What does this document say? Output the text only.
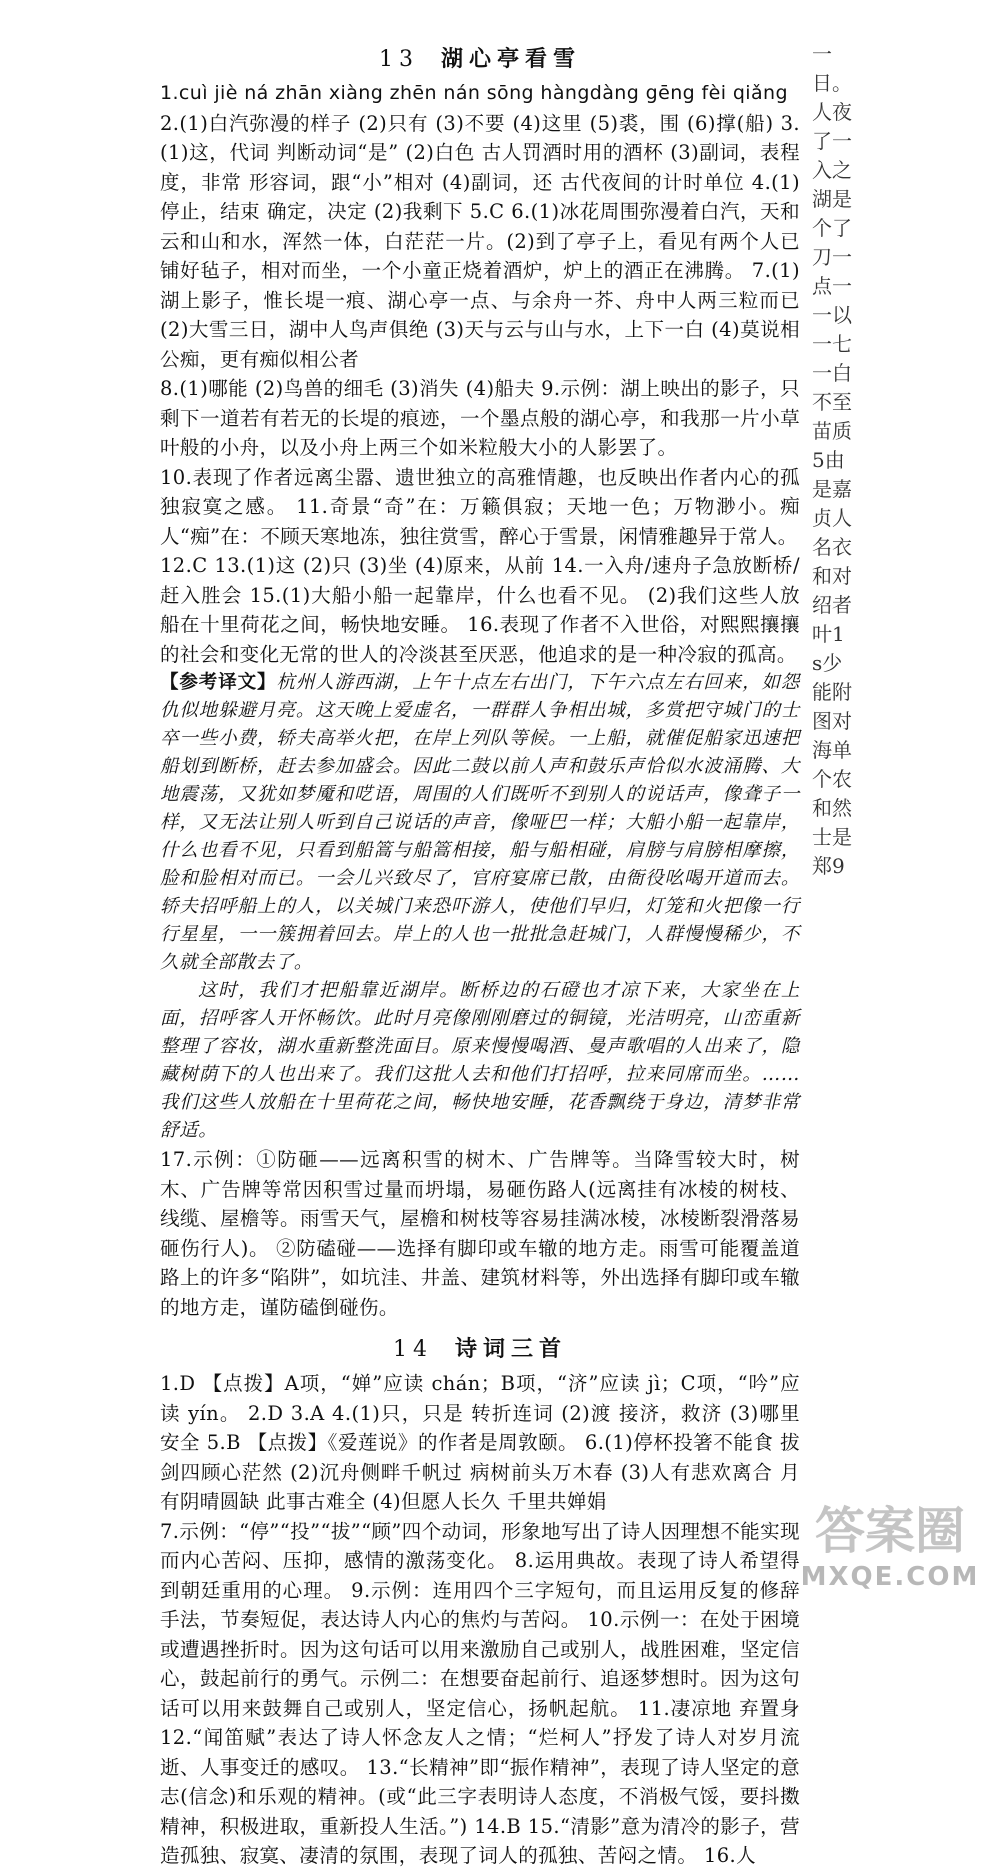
13 湖心亭看雪

1.cuì jiè ná zhān xiàng zhēn nán sōng hàngdàng gēng fèi qiǎng

2.(1)白汽弥漫的样子 (2)只有 (3)不要 (4)这里 (5)裘，围 (6)撑(船) 3.(1)这，代词 判断动词“是” (2)白色 古人罚酒时用的酒杯 (3)副词，表程度，非常 形容词，跟“小”相对 (4)副词，还 古代夜间的计时单位 4.(1)停止，结束 确定，决定 (2)我剩下 5.C 6.(1)冰花周围弥漫着白汽，天和云和山和水，浑然一体，白茫茫一片。(2)到了亭子上，看见有两个人已铺好毡子，相对而坐，一个小童正烧着酒炉，炉上的酒正在沸腾。 7.(1)湖上影子，惟长堤一痕、湖心亭一点、与余舟一芥、舟中人两三粒而已 (2)大雪三日，湖中人鸟声俱绝 (3)天与云与山与水，上下一白 (4)莫说相公痴，更有痴似相公者

8.(1)哪能 (2)鸟兽的细毛 (3)消失 (4)船夫 9.示例：湖上映出的影子，只剩下一道若有若无的长堤的痕迹，一个墨点般的湖心亭，和我那一片小草叶般的小舟，以及小舟上两三个如米粒般大小的人影罢了。

10.表现了作者远离尘嚣、遗世独立的高雅情趣，也反映出作者内心的孤独寂寞之感。 11.奇景“奇”在：万籁俱寂；天地一色；万物渺小。痴人“痴”在：不顾天寒地冻，独往赏雪，醉心于雪景，闲情雅趣异于常人。

12.C 13.(1)这 (2)只 (3)坐 (4)原来，从前 14.一入舟/速舟子急放断桥/赶入胜会 15.(1)大船小船一起靠岸，什么也看不见。 (2)我们这些人放船在十里荷花之间，畅快地安睡。 16.表现了作者不入世俗，对熙熙攘攘的社会和变化无常的世人的冷淡甚至厌恶，他追求的是一种冷寂的孤高。

【参考译文】杭州人游西湖，上午十点左右出门，下午六点左右回来，如怨仇似地躲避月亮。这天晚上爱虚名，一群群人争相出城，多赏把守城门的士卒一些小费，轿夫高举火把，在岸上列队等候。一上船，就催促船家迅速把船划到断桥，赶去参加盛会。因此二鼓以前人声和鼓乐声恰似水波涌腾、大地震荡，又犹如梦魇和呓语，周围的人们既听不到别人的说话声，像聋子一样，又无法让别人听到自己说话的声音，像哑巴一样；大船小船一起靠岸，什么也看不见，只看到船篙与船篙相接，船与船相碰，肩膀与肩膀相摩擦，脸和脸相对而已。一会儿兴致尽了，官府宴席已散，由衙役吆喝开道而去。轿夫招呼船上的人，以关城门来恐吓游人，使他们早归，灯笼和火把像一行行星星，一一簇拥着回去。岸上的人也一批批急赶城门，人群慢慢稀少，不久就全部散去了。

这时，我们才把船靠近湖岸。断桥边的石磴也才凉下来，大家坐在上面，招呼客人开怀畅饮。此时月亮像刚刚磨过的铜镜，光洁明亮，山峦重新整理了容妆，湖水重新整洗面目。原来慢慢喝酒、曼声歌唱的人出来了，隐藏树荫下的人也出来了。我们这批人去和他们打招呼，拉来同席而坐。……我们这些人放船在十里荷花之间，畅快地安睡，花香飘绕于身边，清梦非常舒适。

17.示例：①防砸——远离积雪的树木、广告牌等。当降雪较大时，树木、广告牌等常因积雪过量而坍塌，易砸伤路人(远离挂有冰棱的树枝、线缆、屋檐等。雨雪天气，屋檐和树枝等容易挂满冰棱，冰棱断裂滑落易砸伤行人)。 ②防磕碰——选择有脚印或车辙的地方走。雨雪可能覆盖道路上的许多“陷阱”，如坑洼、井盖、建筑材料等，外出选择有脚印或车辙的地方走，谨防磕倒碰伤。

14 诗词三首

1.D 【点拨】A项，“婵”应读 chán；B项，“济”应读 jì；C项，“吟”应读 yín。 2.D 3.A 4.(1)只，只是 转折连词 (2)渡 接济，救济 (3)哪里 安全 5.B 【点拨】《爱莲说》的作者是周敦颐。 6.(1)停杯投箸不能食 拔剑四顾心茫然 (2)沉舟侧畔千帆过 病树前头万木春 (3)人有悲欢离合 月有阴晴圆缺 此事古难全 (4)但愿人长久 千里共婵娟

7.示例：“停”“投”“拔”“顾”四个动词，形象地写出了诗人因理想不能实现而内心苦闷、压抑，感情的激荡变化。 8.运用典故。表现了诗人希望得到朝廷重用的心理。 9.示例：连用四个三字短句，而且运用反复的修辞手法，节奏短促，表达诗人内心的焦灼与苦闷。 10.示例一：在处于困境或遭遇挫折时。因为这句话可以用来激励自己或别人，战胜困难，坚定信心，鼓起前行的勇气。示例二：在想要奋起前行、追逐梦想时。因为这句话可以用来鼓舞自己或别人，坚定信心，扬帆起航。 11.凄凉地 弃置身 12.“闻笛赋”表达了诗人怀念友人之情；“烂柯人”抒发了诗人对岁月流逝、人事变迁的感叹。 13.“长精神”即“振作精神”，表现了诗人坚定的意志(信念)和乐观的精神。(或“此三字表明诗人态度，不消极气馁，要抖擞精神，积极进取，重新投人生活。”) 14.B 15.“清影”意为清冷的影子，营造孤独、寂寞、凄清的氛围，表现了词人的孤独、苦闷之情。 16.人

一日。人夜了一入之湖是个了刀一点一一以一七一白不至苗质5由是嘉贞人名衣和对绍者叶1s少能附图对海单个农和然士是郑9
答案圈
MXQE.COM
